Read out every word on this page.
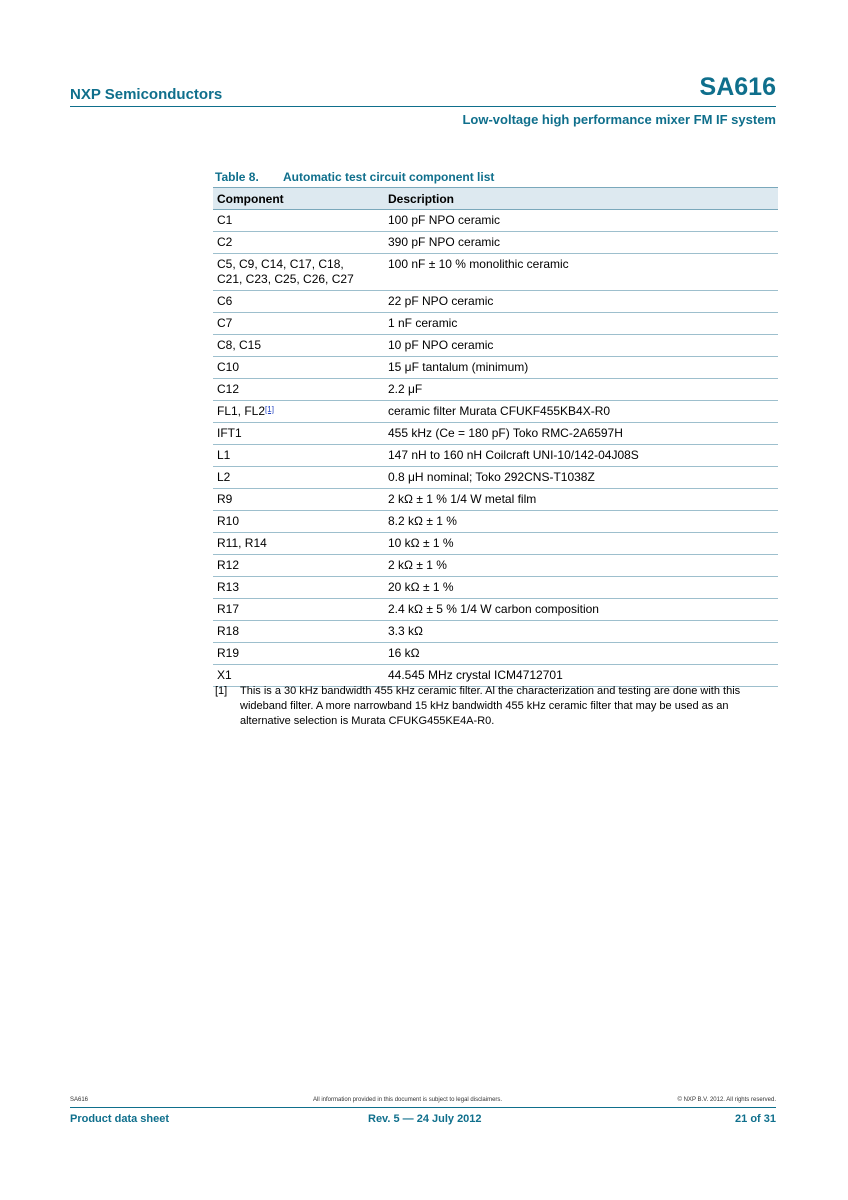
NXP Semiconductors	SA616
Low-voltage high performance mixer FM IF system
Table 8. Automatic test circuit component list
Component	Description
C1	100 pF NPO ceramic
C2	390 pF NPO ceramic
C5, C9, C14, C17, C18,
C21, C23, C25, C26, C27	100 nF ± 10 % monolithic ceramic
C6	22 pF NPO ceramic
C7	1 nF ceramic
C8, C15	10 pF NPO ceramic
C10	15 μF tantalum (minimum)
C12	2.2 μF
FL1, FL2[1]	ceramic filter Murata CFUKF455KB4X-R0
IFT1	455 kHz (Ce = 180 pF) Toko RMC-2A6597H
L1	147 nH to 160 nH Coilcraft UNI-10/142-04J08S
L2	0.8 μH nominal; Toko 292CNS-T1038Z
R9	2 kΩ ± 1 % 1/4 W metal film
R10	8.2 kΩ ± 1 %
R11, R14	10 kΩ ± 1 %
R12	2 kΩ ± 1 %
R13	20 kΩ ± 1 %
R17	2.4 kΩ ± 5 % 1/4 W carbon composition
R18	3.3 kΩ
R19	16 kΩ
X1	44.545 MHz crystal ICM4712701
[1] This is a 30 kHz bandwidth 455 kHz ceramic filter. Al the characterization and testing are done with this wideband filter. A more narrowband 15 kHz bandwidth 455 kHz ceramic filter that may be used as an alternative selection is Murata CFUKG455KE4A-R0.
SA616	All information provided in this document is subject to legal disclaimers.	© NXP B.V. 2012. All rights reserved.
Product data sheet	Rev. 5 — 24 July 2012	21 of 31
